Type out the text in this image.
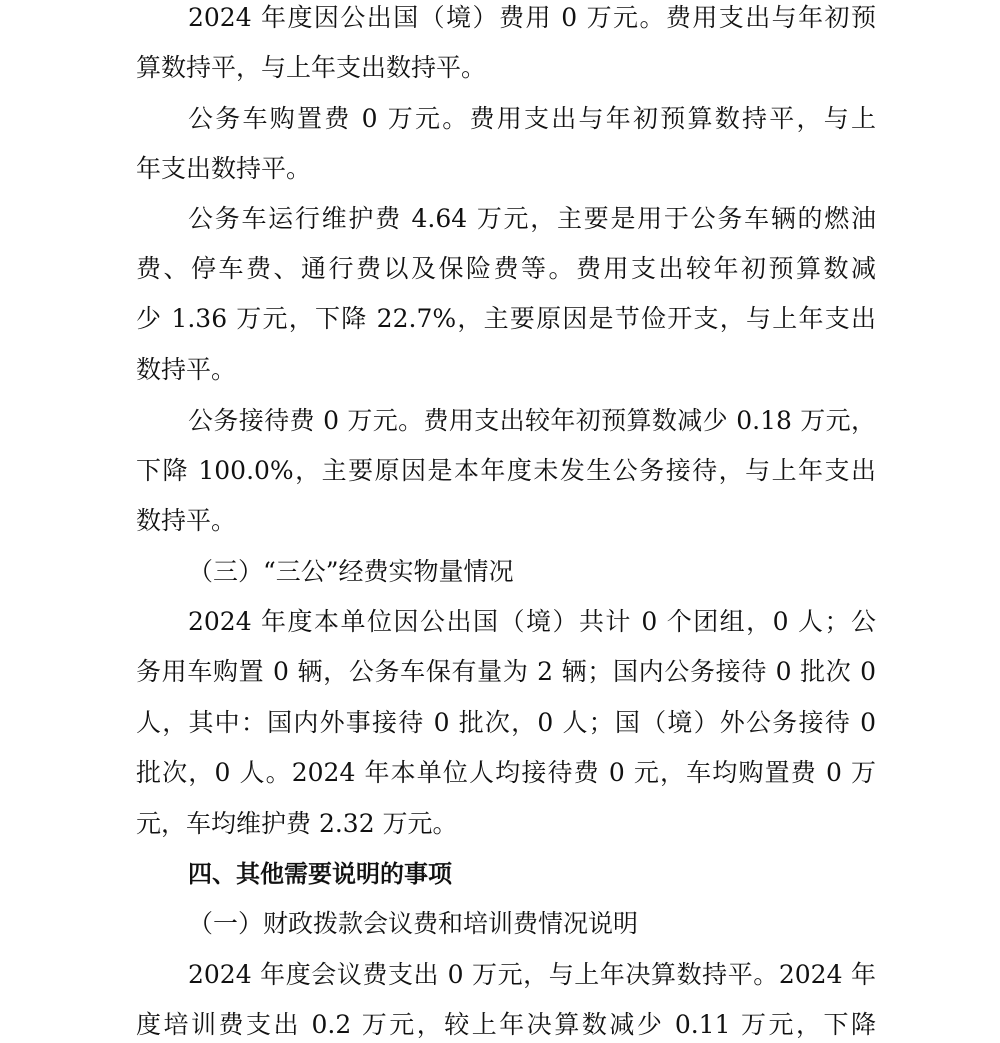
2024 年度因公出国（境）费用 0 万元。费用支出与年初预
算数持平，与上年支出数持平。
公务车购置费 0 万元。费用支出与年初预算数持平，与上
年支出数持平。
公务车运行维护费 4.64 万元，主要是用于公务车辆的燃油
费、停车费、通行费以及保险费等。费用支出较年初预算数减
少 1.36 万元，下降 22.7%，主要原因是节俭开支，与上年支出
数持平。
公务接待费 0 万元。费用支出较年初预算数减少 0.18 万元，
下降 100.0%，主要原因是本年度未发生公务接待，与上年支出
数持平。
（三）“三公”经费实物量情况
2024 年度本单位因公出国（境）共计 0 个团组，0 人；公
务用车购置 0 辆，公务车保有量为 2 辆；国内公务接待 0 批次 0
人，其中：国内外事接待 0 批次，0 人；国（境）外公务接待 0
批次，0 人。2024 年本单位人均接待费 0 元，车均购置费 0 万
元，车均维护费 2.32 万元。
四、其他需要说明的事项
（一）财政拨款会议费和培训费情况说明
2024 年度会议费支出 0 万元，与上年决算数持平。2024 年
度培训费支出 0.2 万元，较上年决算数减少 0.11 万元，下降
